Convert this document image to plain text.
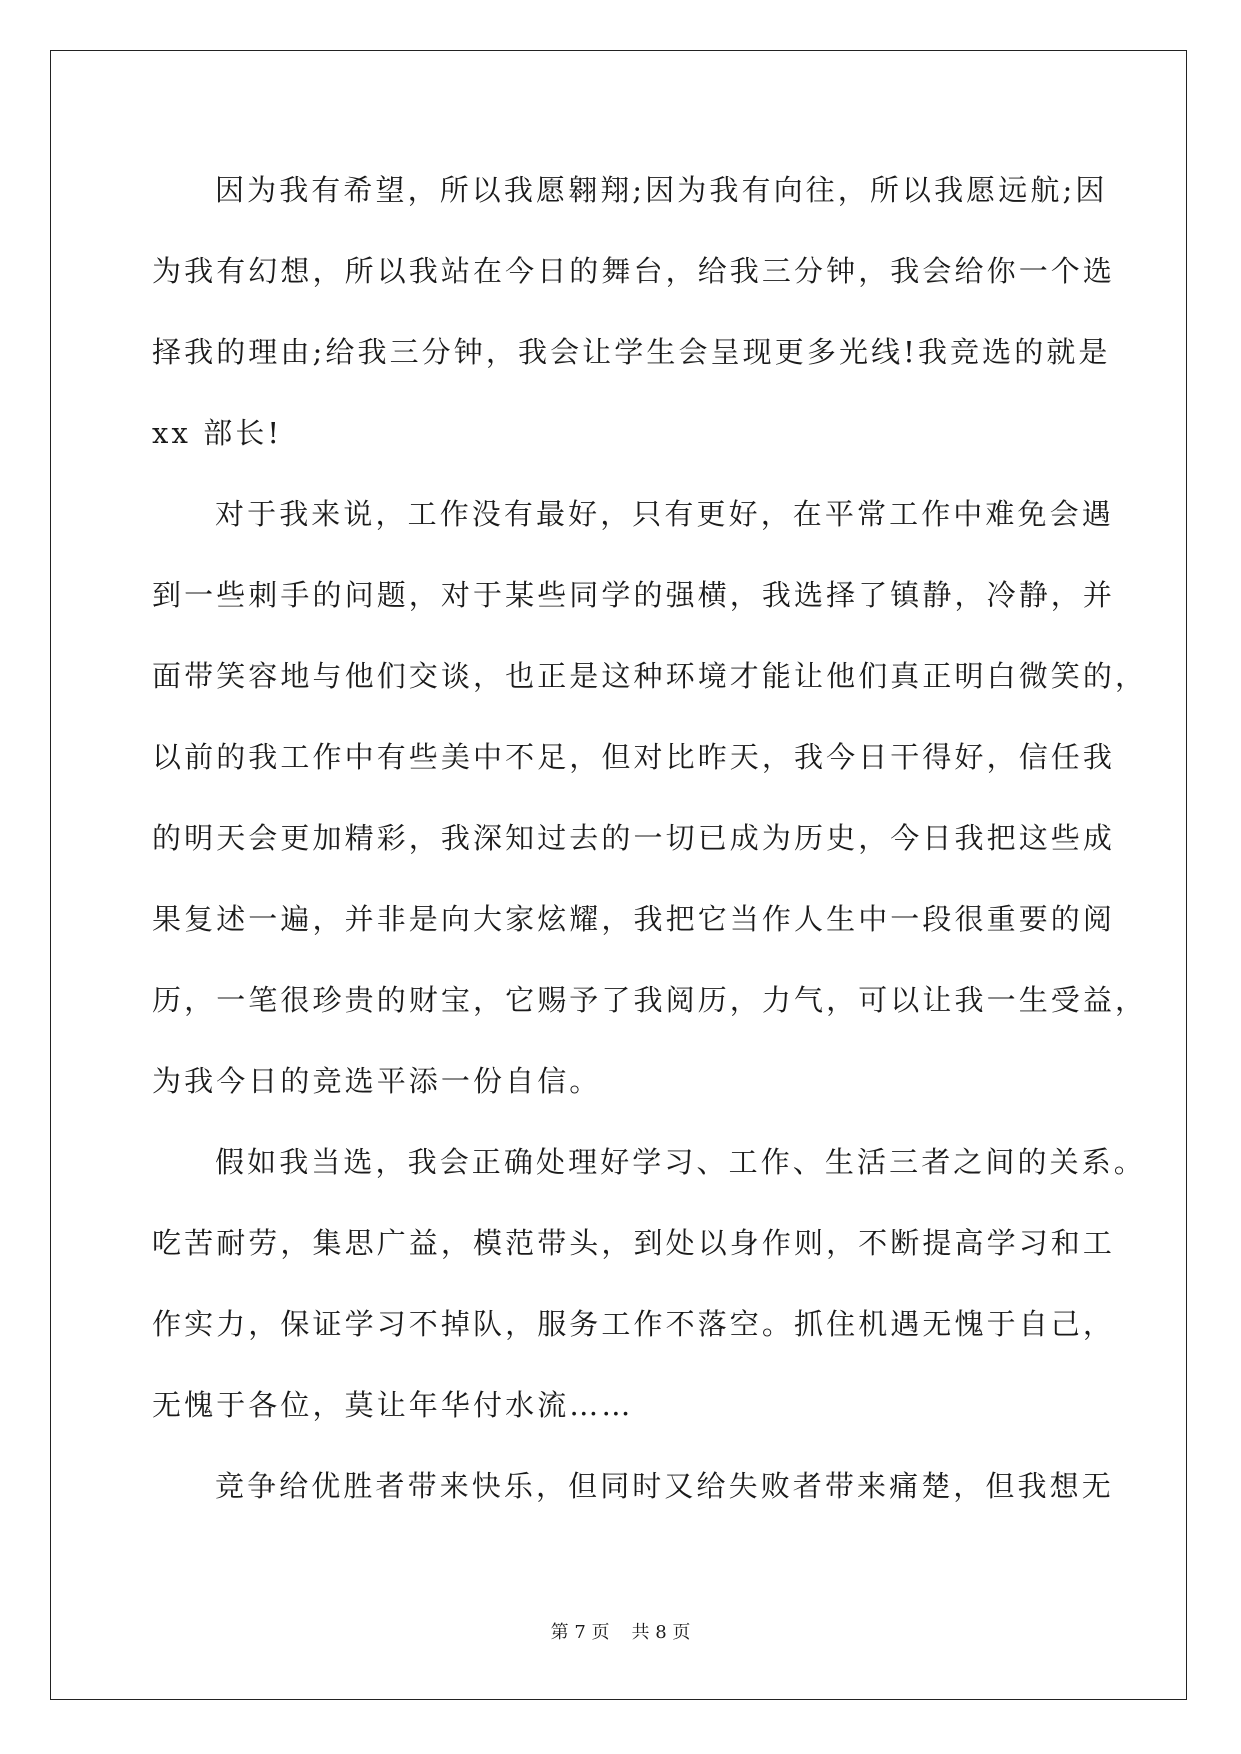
因为我有希望，所以我愿翱翔;因为我有向往，所以我愿远航;因
为我有幻想，所以我站在今日的舞台，给我三分钟，我会给你一个选
择我的理由;给我三分钟，我会让学生会呈现更多光线!我竞选的就是
xx 部长!
对于我来说，工作没有最好，只有更好，在平常工作中难免会遇
到一些刺手的问题，对于某些同学的强横，我选择了镇静，冷静，并
面带笑容地与他们交谈，也正是这种环境才能让他们真正明白微笑的，
以前的我工作中有些美中不足，但对比昨天，我今日干得好，信任我
的明天会更加精彩，我深知过去的一切已成为历史，今日我把这些成
果复述一遍，并非是向大家炫耀，我把它当作人生中一段很重要的阅
历，一笔很珍贵的财宝，它赐予了我阅历，力气，可以让我一生受益，
为我今日的竞选平添一份自信。
假如我当选，我会正确处理好学习、工作、生活三者之间的关系。
吃苦耐劳，集思广益，模范带头，到处以身作则，不断提高学习和工
作实力，保证学习不掉队，服务工作不落空。抓住机遇无愧于自己，
无愧于各位，莫让年华付水流……
竞争给优胜者带来快乐，但同时又给失败者带来痛楚，但我想无
第 7 页 共 8 页
